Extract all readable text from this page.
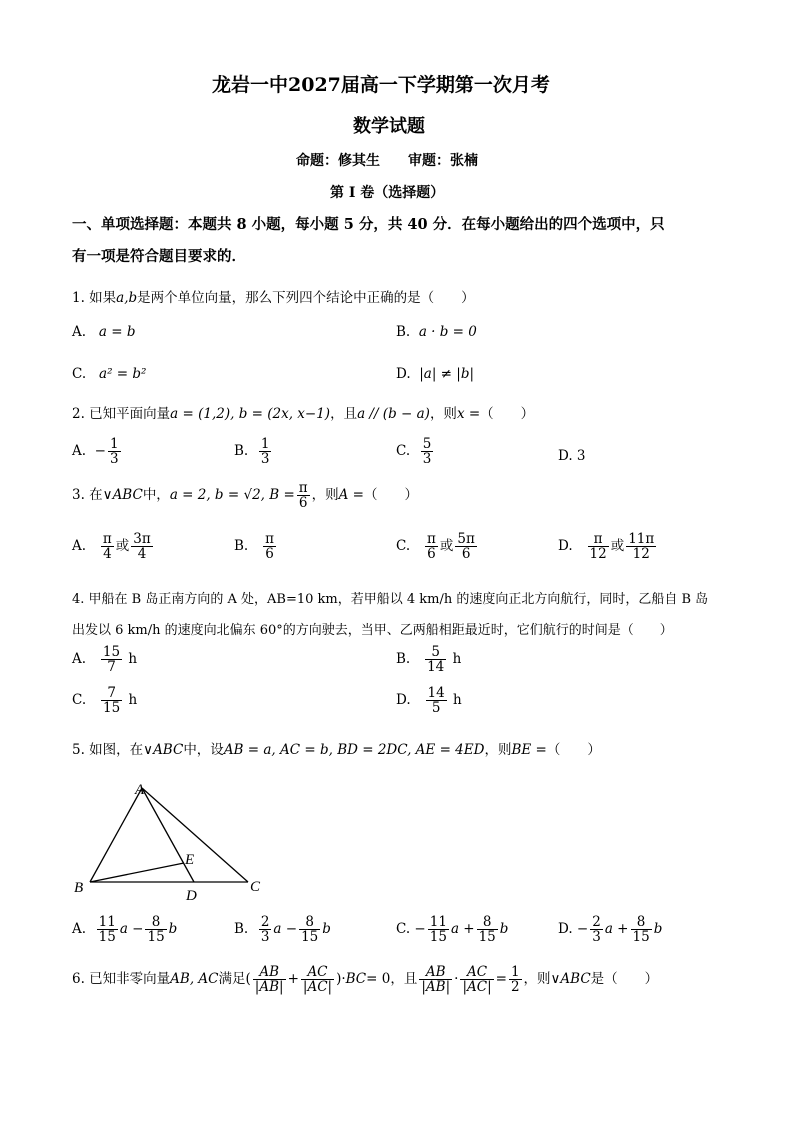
龙岩一中2027届高一下学期第一次月考
数学试题
命题：修其生　　审题：张楠
第 I 卷（选择题）
一、单项选择题：本题共 8 小题，每小题 5 分，共 40 分．在每小题给出的四个选项中，只
有一项是符合题目要求的．
1. 如果a,b是两个单位向量，那么下列四个结论中正确的是（　　）
A. a = b	B. a · b = 0
C. a² = b²	D. |a| ≠ |b|
2. 已知平面向量a = (1,2), b = (2x, x−1)，且a // (b − a)，则x =（　　）
A. − $\frac{1}{3}$	B. $\frac{1}{3}$	C. $\frac{5}{3}$	D. 3
3. 在∨ABC中，a = 2, b = √2, $B = \frac{\pi}{6}$ ，则A =（　　）
A. $\frac{\pi}{4}$ 或 $\frac{3\pi}{4}$	B. $\frac{\pi}{6}$	C. $\frac{\pi}{6}$ 或 $\frac{5\pi}{6}$	D. $\frac{\pi}{12}$ 或 $\frac{11\pi}{12}$
4. 甲船在 B 岛正南方向的 A 处，AB=10 km，若甲船以 4 km/h 的速度向正北方向航行，同时，乙船自 B 岛
出发以 6 km/h 的速度向北偏东 60°的方向驶去，当甲、乙两船相距最近时，它们航行的时间是（　　）
A. $\frac{15}{7}$ h	B. $\frac{5}{14}$ h
C. $\frac{7}{15}$ h	D. $\frac{14}{5}$ h
5. 如图，在∨ABC中，设AB = a, AC = b, BD = 2DC, AE = 4ED，则BE =（　　）
A
B	C
D
E
A. $\frac{11}{15}$ $a - \frac{8}{15}$ b	B. $\frac{2}{3}$ $a - \frac{8}{15}$ b	C. − $\frac{11}{15}$ $a + \frac{8}{15}$ b	D. − $\frac{2}{3}$ $a + \frac{8}{15}$ b
6. 已知非零向量AB, AC满足( $\frac{AB}{|AB|} + \frac{AC}{|AC|} )\cdot BC= 0$，且 $\frac{AB}{|AB|} \cdot \frac{AC}{|AC|} = \frac{1}{2}$ ，则∨ABC是（　　）
